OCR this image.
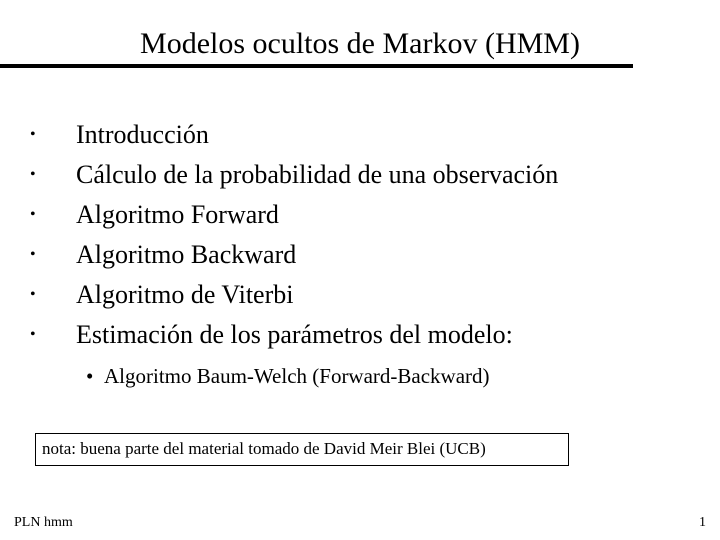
Modelos ocultos de Markov (HMM)
• Introducción
• Cálculo de la probabilidad de una observación
• Algoritmo Forward
• Algoritmo Backward
• Algoritmo de Viterbi
• Estimación de los parámetros del modelo:
• Algoritmo Baum-Welch (Forward-Backward)
nota: buena parte del material tomado de David Meir Blei (UCB)
PLN hmm	1
